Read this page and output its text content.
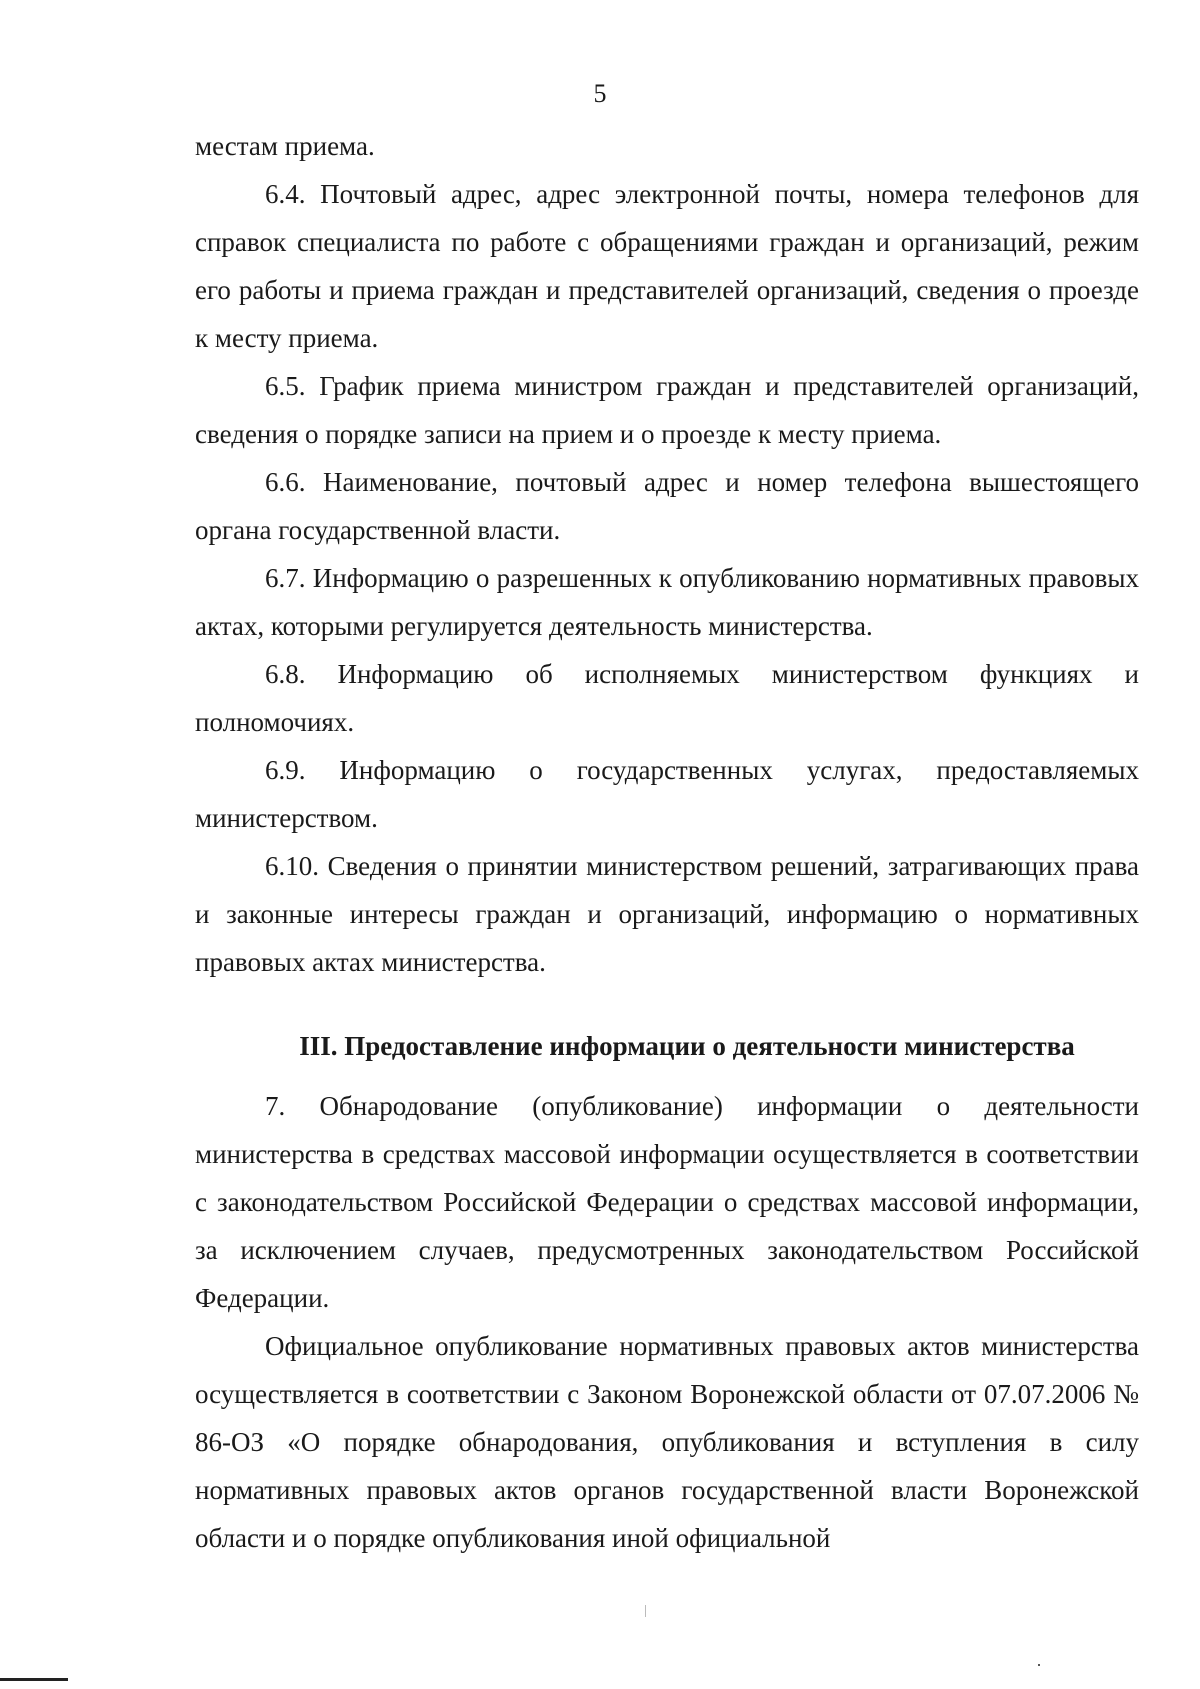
5

местам приема.

6.4. Почтовый адрес, адрес электронной почты, номера телефонов для справок специалиста по работе с обращениями граждан и организаций, режим его работы и приема граждан и представителей организаций, сведения о проезде к месту приема.

6.5. График приема министром граждан и представителей организаций, сведения о порядке записи на прием и о проезде к месту приема.

6.6. Наименование, почтовый адрес и номер телефона вышестоящего органа государственной власти.

6.7. Информацию о разрешенных к опубликованию нормативных правовых актах, которыми регулируется деятельность министерства.

6.8. Информацию об исполняемых министерством функциях и полномочиях.

6.9. Информацию о государственных услугах, предоставляемых министерством.

6.10. Сведения о принятии министерством решений, затрагивающих права и законные интересы граждан и организаций, информацию о нормативных правовых актах министерства.

III. Предоставление информации о деятельности министерства

7. Обнародование (опубликование) информации о деятельности министерства в средствах массовой информации осуществляется в соответствии с законодательством Российской Федерации о средствах массовой информации, за исключением случаев, предусмотренных законодательством Российской Федерации.

Официальное опубликование нормативных правовых актов министерства осуществляется в соответствии с Законом Воронежской области от 07.07.2006 № 86-ОЗ «О порядке обнародования, опубликования и вступления в силу нормативных правовых актов органов государственной власти Воронежской области и о порядке опубликования иной официальной
